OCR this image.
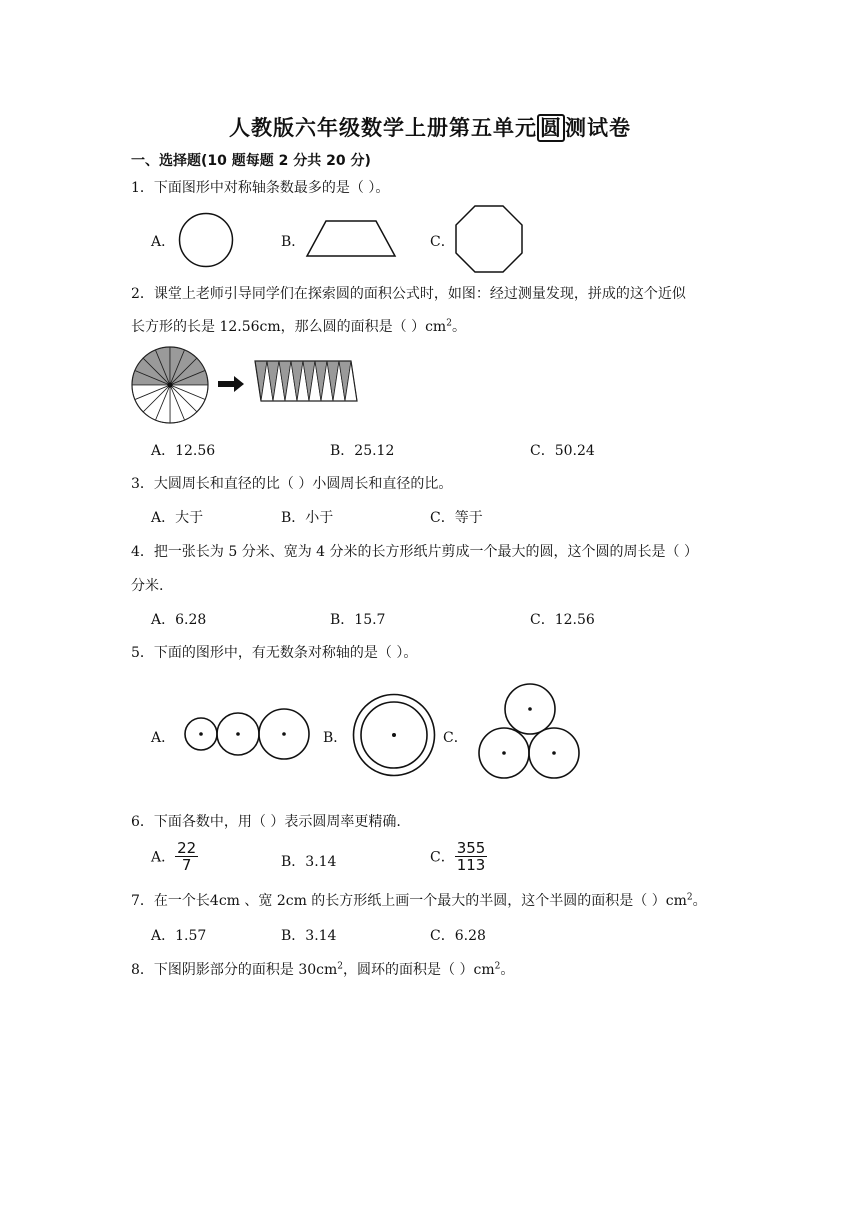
人教版六年级数学上册第五单元 圆 测试卷
一、选择题(10 题每题 2 分共 20 分)
1．下面图形中对称轴条数最多的是（ ）。
A．	B．	C．
2．课堂上老师引导同学们在探索圆的面积公式时，如图：经过测量发现，拼成的这个近似
长方形的长是 12.56cm，那么圆的面积是（ ）$cm^2$。
A．12.56	B．25.12	C．50.24
3．大圆周长和直径的比（ ）小圆周长和直径的比。
A．大于	B．小于	C．等于
4．把一张长为 5 分米、宽为 4 分米的长方形纸片剪成一个最大的圆，这个圆的周长是（ ）
分米.
A．6.28	B．15.7	C．12.56
5．下面的图形中，有无数条对称轴的是（ ）。
A．	B．	C．
6．下面各数中，用（ ）表示圆周率更精确.
A． $\frac{22}{7}$	B．3.14	C． $\frac{355}{113}$
7．在一个长4cm 、宽 2cm 的长方形纸上画一个最大的半圆，这个半圆的面积是（ ）$cm^2$。
A．1.57	B．3.14	C．6.28
8．下图阴影部分的面积是 $30cm^2$，圆环的面积是（ ）$cm^2$。
